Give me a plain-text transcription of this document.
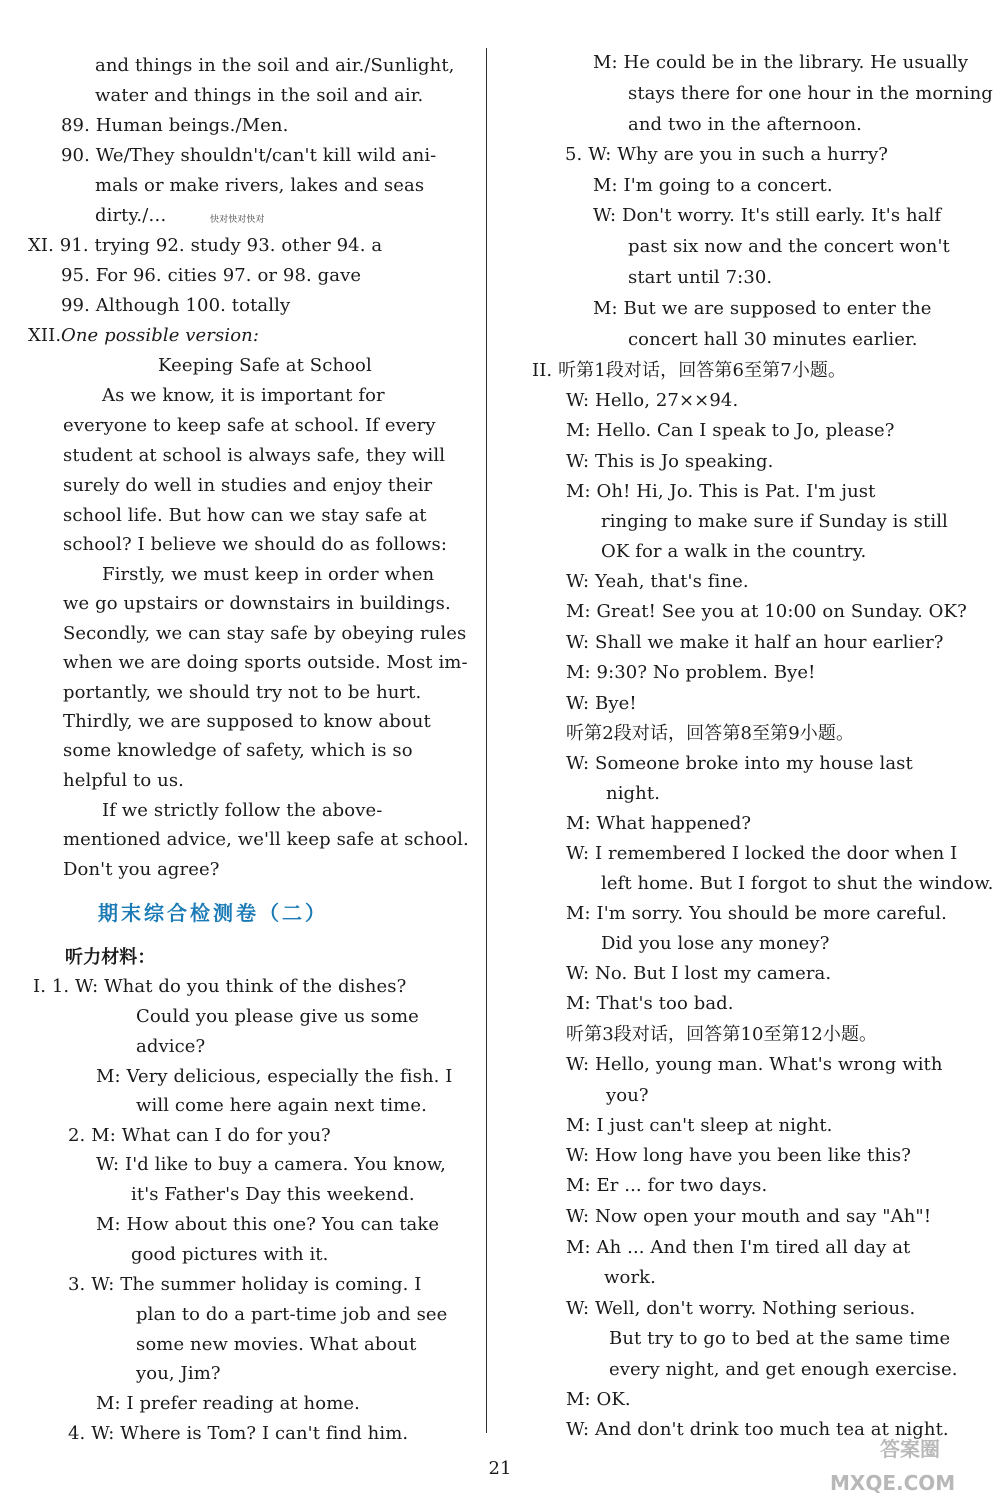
and things in the soil and air./Sunlight,
water and things in the soil and air.
89. Human beings./Men.
90. We/They shouldn't/can't kill wild ani-
mals or make rivers, lakes and seas
dirty./…
XI. 91. trying 92. study 93. other 94. a
95. For 96. cities 97. or 98. gave
99. Although 100. totally
XII.
Keeping Safe at School
As we know, it is important for
everyone to keep safe at school. If every
student at school is always safe, they will
surely do well in studies and enjoy their
school life. But how can we stay safe at
school? I believe we should do as follows:
Firstly, we must keep in order when
we go upstairs or downstairs in buildings.
Secondly, we can stay safe by obeying rules
when we are doing sports outside. Most im-
portantly, we should try not to be hurt.
Thirdly, we are supposed to know about
some knowledge of safety, which is so
helpful to us.
If we strictly follow the above-
mentioned advice, we'll keep safe at school.
Don't you agree?
听力材料：
I. 1. W: What do you think of the dishes?
Could you please give us some
advice?
M: Very delicious, especially the fish. I
will come here again next time.
2. M: What can I do for you?
W: I'd like to buy a camera. You know,
it's Father's Day this weekend.
M: How about this one? You can take
good pictures with it.
3. W: The summer holiday is coming. I
plan to do a part-time job and see
some new movies. What about
you, Jim?
M: I prefer reading at home.
4. W: Where is Tom? I can't find him.
M: He could be in the library. He usually
stays there for one hour in the morning
and two in the afternoon.
5. W: Why are you in such a hurry?
M: I'm going to a concert.
W: Don't worry. It's still early. It's half
past six now and the concert won't
start until 7:30.
M: But we are supposed to enter the
concert hall 30 minutes earlier.
II. 听第1段对话，回答第6至第7小题。
W: Hello, 27××94.
M: Hello. Can I speak to Jo, please?
W: This is Jo speaking.
M: Oh! Hi, Jo. This is Pat. I'm just
ringing to make sure if Sunday is still
OK for a walk in the country.
W: Yeah, that's fine.
M: Great! See you at 10:00 on Sunday. OK?
W: Shall we make it half an hour earlier?
M: 9:30? No problem. Bye!
W: Bye!
听第2段对话，回答第8至第9小题。
W: Someone broke into my house last
night.
M: What happened?
W: I remembered I locked the door when I
left home. But I forgot to shut the window.
M: I'm sorry. You should be more careful.
Did you lose any money?
W: No. But I lost my camera.
M: That's too bad.
听第3段对话，回答第10至第12小题。
W: Hello, young man. What's wrong with
you?
M: I just can't sleep at night.
W: How long have you been like this?
M: Er ... for two days.
W: Now open your mouth and say "Ah"!
M: Ah ... And then I'm tired all day at
work.
W: Well, don't worry. Nothing serious.
But try to go to bed at the same time
every night, and get enough exercise.
M: OK.
W: And don't drink too much tea at night.
One possible version:
快对快对快对
期末综合检测卷（二）
21
答案圈
MXQE.COM
